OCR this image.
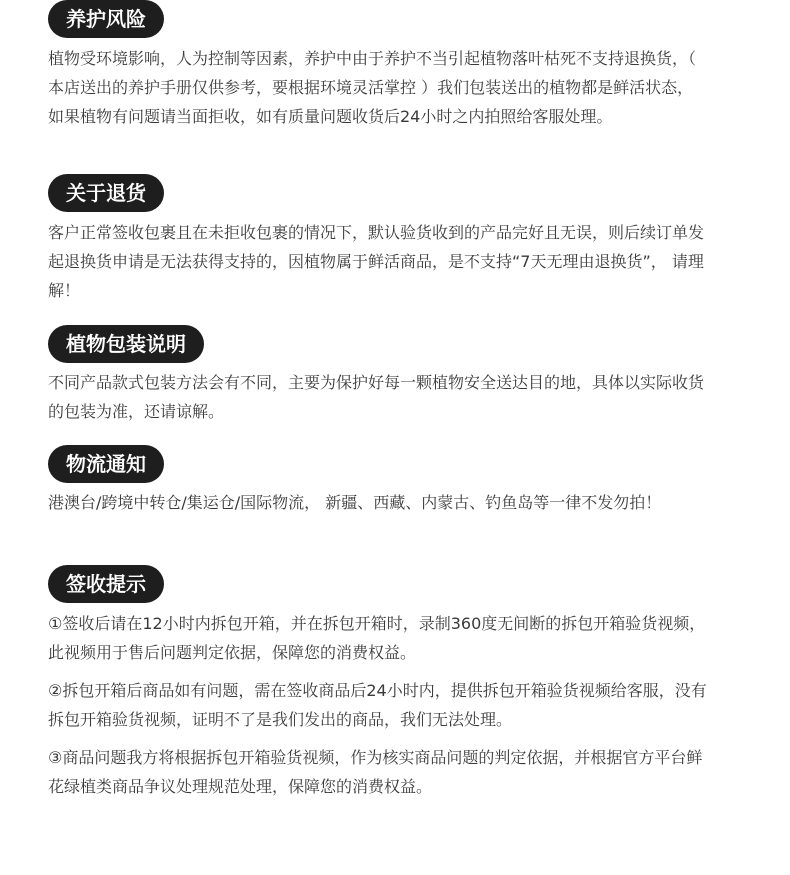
养护风险

植物受环境影响，人为控制等因素，养护中由于养护不当引起植物落叶枯死不支持退换货，（ 本店送出的养护手册仅供参考，要根据环境灵活掌控 ）我们包装送出的植物都是鲜活状态，如果植物有问题请当面拒收，如有质量问题收货后24小时之内拍照给客服处理。

关于退货

客户正常签收包裹且在未拒收包裹的情况下，默认验货收到的产品完好且无误，则后续订单发起退换货申请是无法获得支持的，因植物属于鲜活商品，是不支持“7天无理由退换货”， 请理解！

植物包装说明

不同产品款式包装方法会有不同，主要为保护好每一颗植物安全送达目的地，具体以实际收货的包装为准，还请谅解。

物流通知

港澳台/跨境中转仓/集运仓/国际物流， 新疆、西藏、内蒙古、钓鱼岛等一律不发勿拍！

签收提示

①签收后请在12小时内拆包开箱，并在拆包开箱时，录制360度无间断的拆包开箱验货视频，此视频用于售后问题判定依据，保障您的消费权益。

②拆包开箱后商品如有问题，需在签收商品后24小时内，提供拆包开箱验货视频给客服，没有拆包开箱验货视频，证明不了是我们发出的商品，我们无法处理。

③商品问题我方将根据拆包开箱验货视频，作为核实商品问题的判定依据，并根据官方平台鲜花绿植类商品争议处理规范处理，保障您的消费权益。
